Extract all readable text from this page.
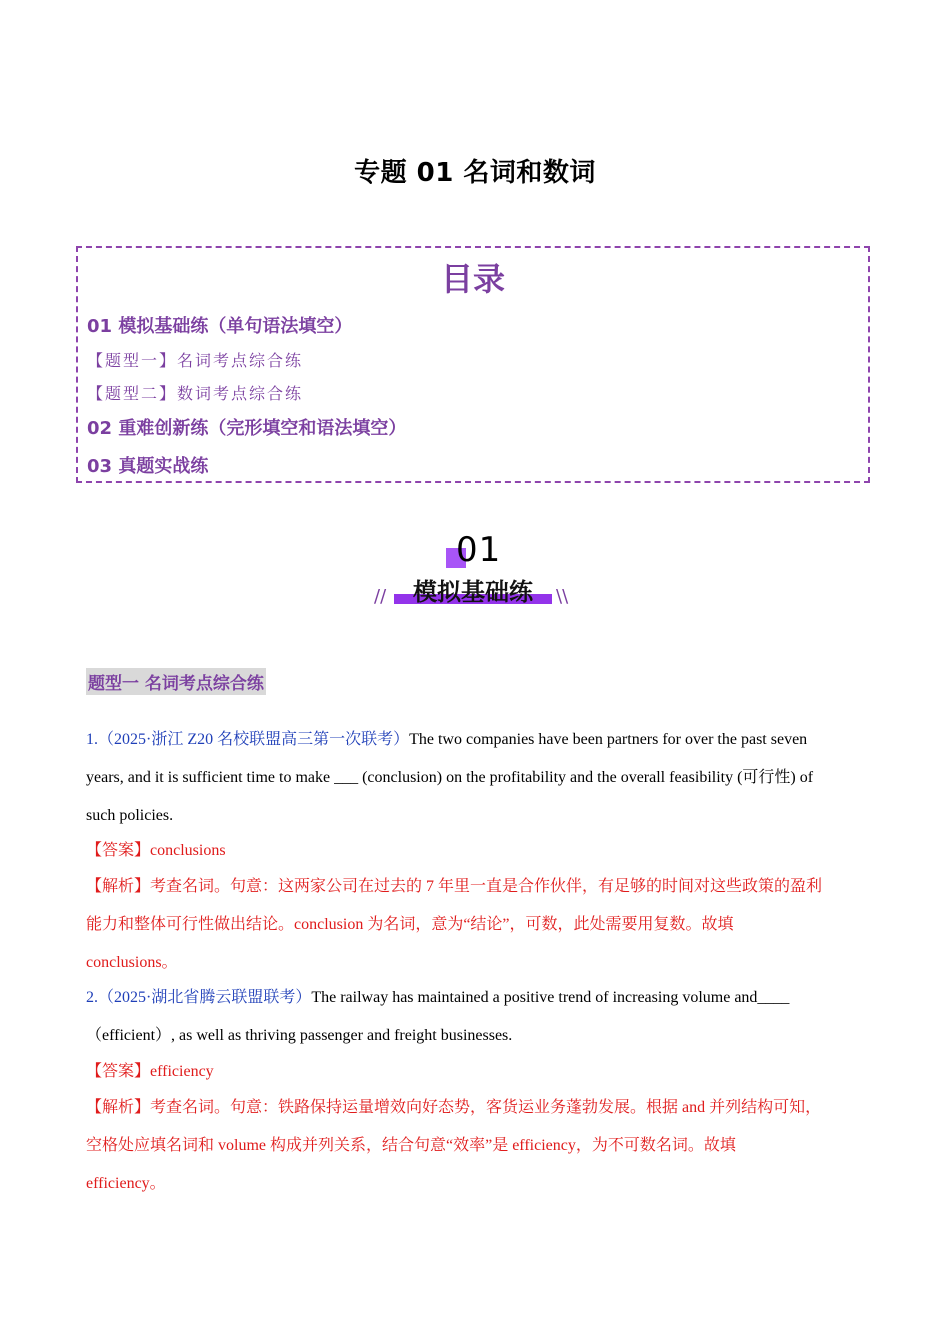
专题 01 名词和数词
目录
01 模拟基础练（单句语法填空）
【题型一】名词考点综合练
【题型二】数词考点综合练
02 重难创新练（完形填空和语法填空）
03 真题实战练
01
//	模拟基础练	\\
题型一 名词考点综合练
1.（2025·浙江 Z20 名校联盟高三第一次联考）The two companies have been partners for over the past seven
years, and it is sufficient time to make ___ (conclusion) on the profitability and the overall feasibility (可行性) of
such policies.
【答案】conclusions
【解析】考查名词。句意：这两家公司在过去的 7 年里一直是合作伙伴，有足够的时间对这些政策的盈利
能力和整体可行性做出结论。conclusion 为名词，意为“结论”，可数，此处需要用复数。故填
conclusions。
2.（2025·湖北省腾云联盟联考）The railway has maintained a positive trend of increasing volume and____
（efficient）, as well as thriving passenger and freight businesses.
【答案】efficiency
【解析】考查名词。句意：铁路保持运量增效向好态势，客货运业务蓬勃发展。根据 and 并列结构可知，
空格处应填名词和 volume 构成并列关系，结合句意“效率”是 efficiency，为不可数名词。故填
efficiency。
